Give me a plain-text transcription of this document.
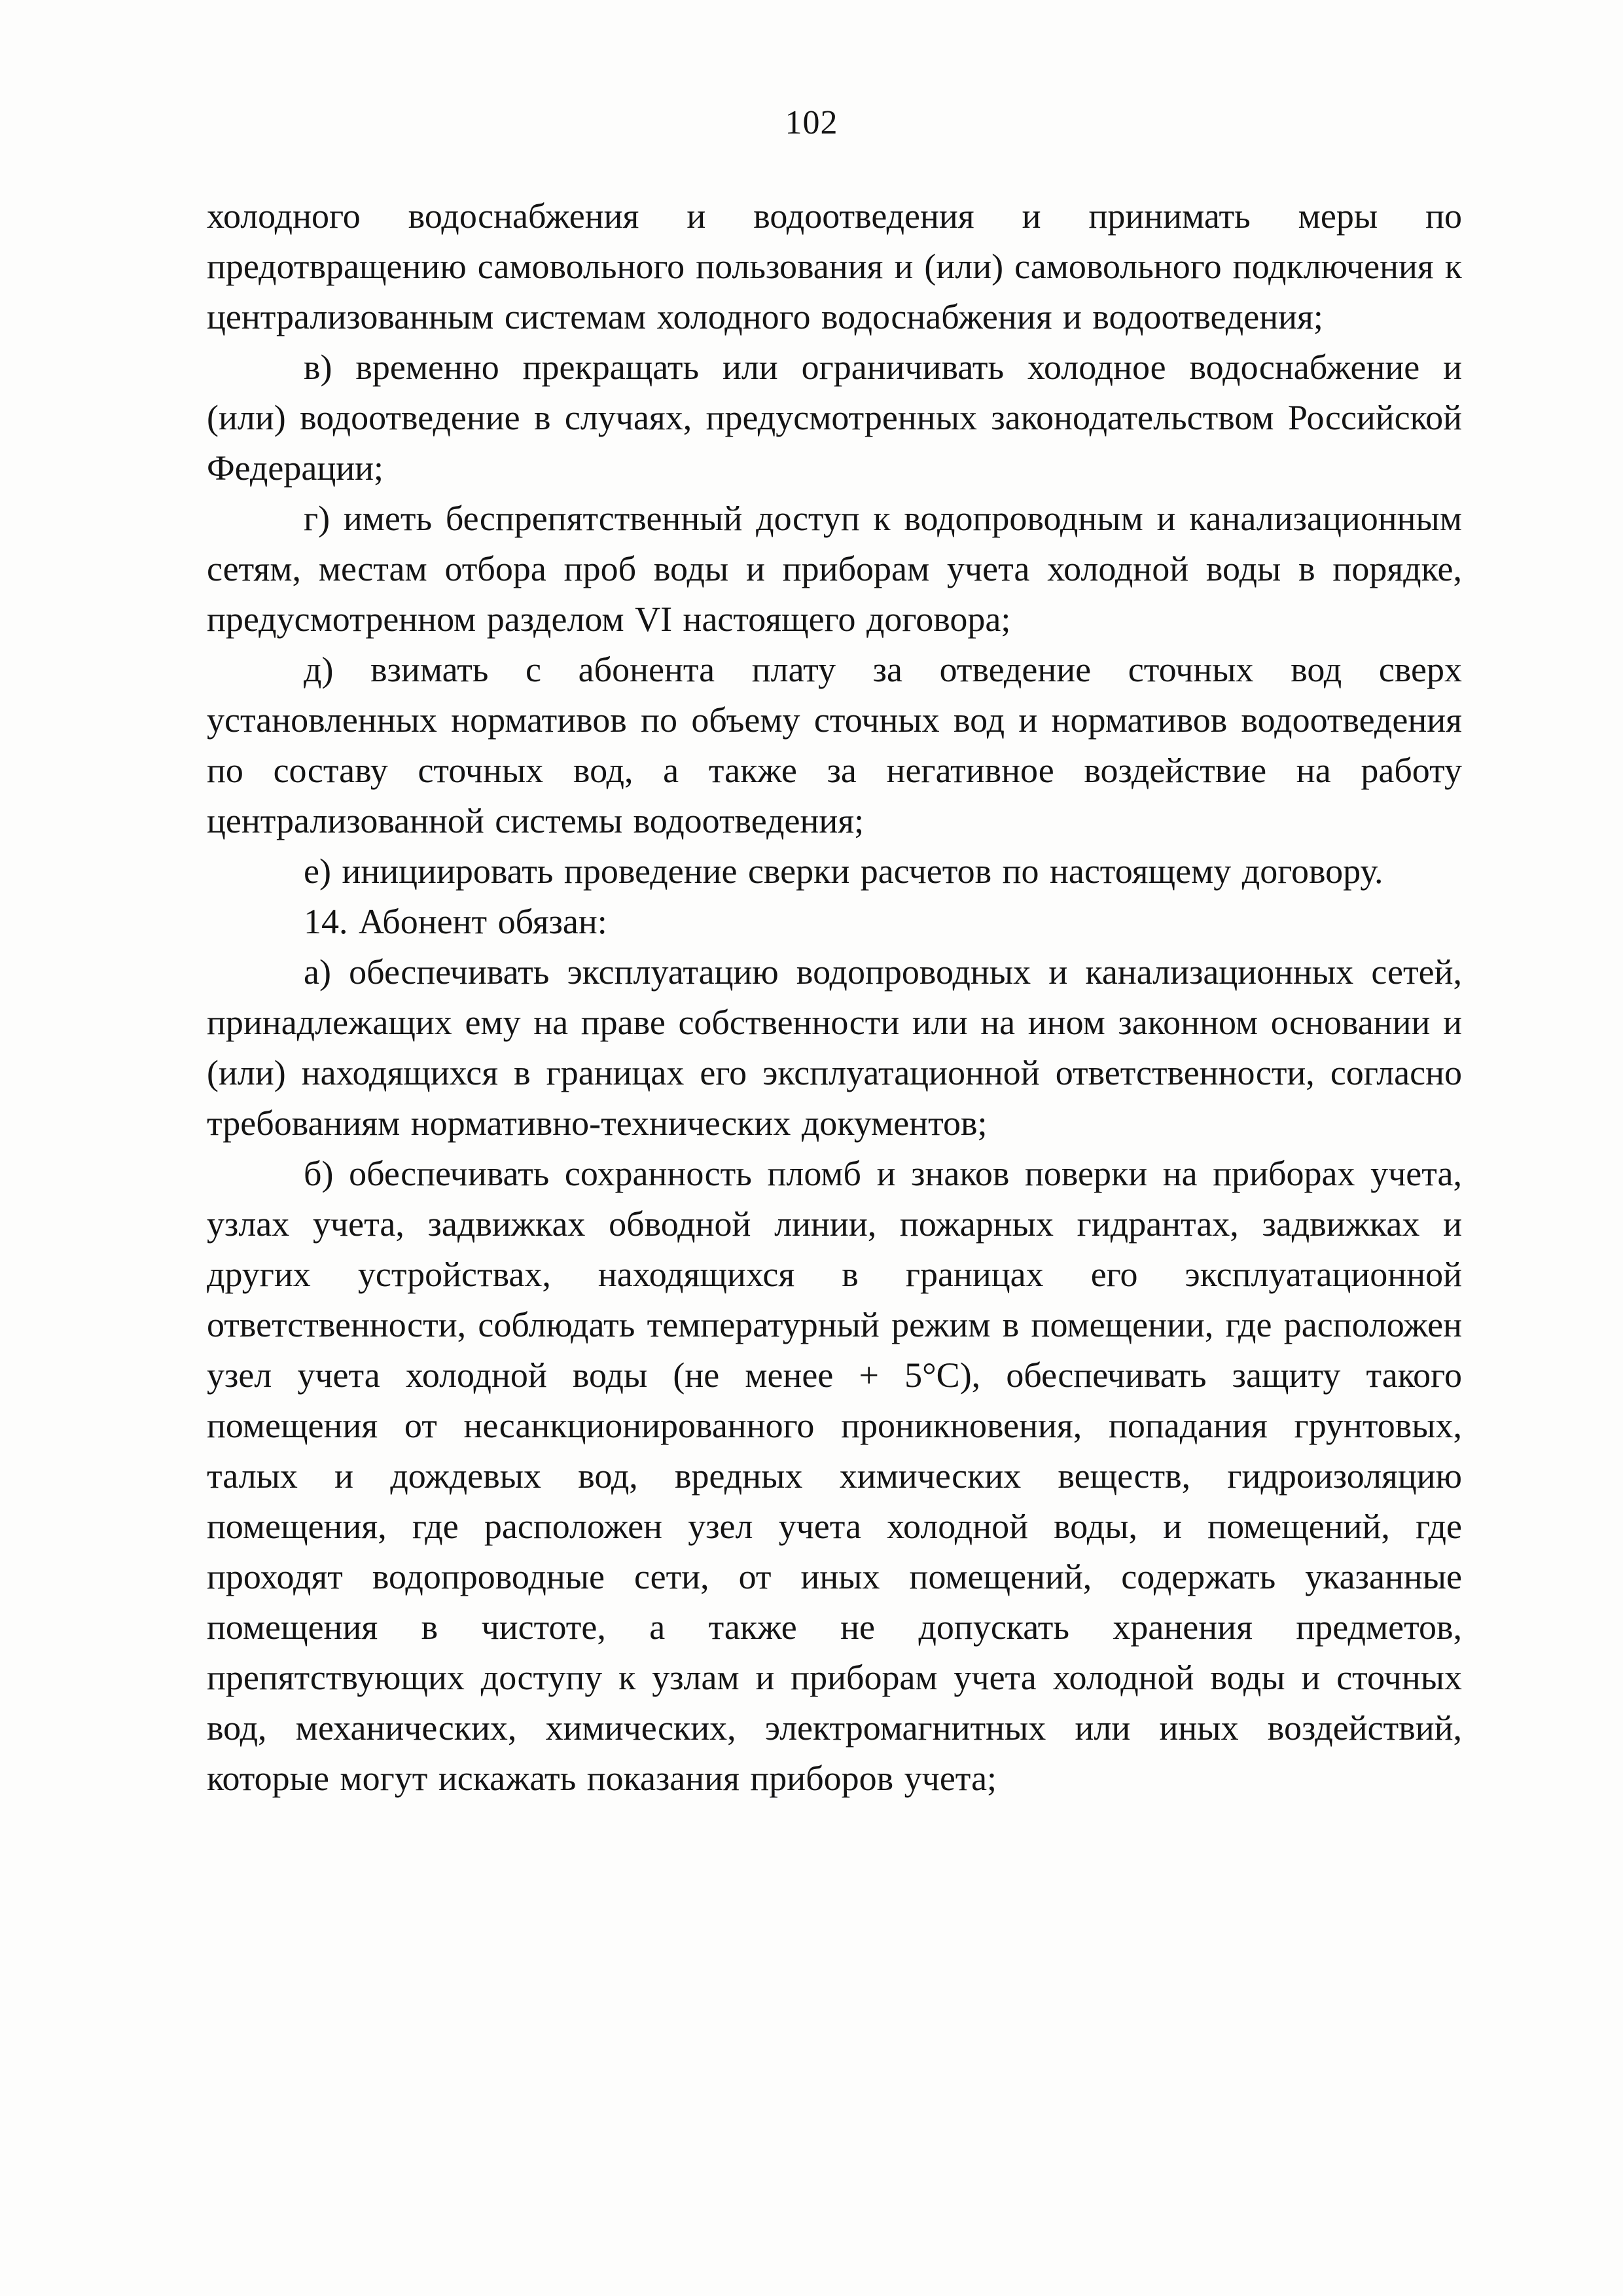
102

холодного водоснабжения и водоотведения и принимать меры по предотвращению самовольного пользования и (или) самовольного подключения к централизованным системам холодного водоснабжения и водоотведения;

в) временно прекращать или ограничивать холодное водоснабжение и (или) водоотведение в случаях, предусмотренных законодательством Российской Федерации;

г) иметь беспрепятственный доступ к водопроводным и канализационным сетям, местам отбора проб воды и приборам учета холодной воды в порядке, предусмотренном разделом VI настоящего договора;

д) взимать с абонента плату за отведение сточных вод сверх установленных нормативов по объему сточных вод и нормативов водоотведения по составу сточных вод, а также за негативное воздействие на работу централизованной системы водоотведения;

е) инициировать проведение сверки расчетов по настоящему договору.

14. Абонент обязан:

а) обеспечивать эксплуатацию водопроводных и канализационных сетей, принадлежащих ему на праве собственности или на ином законном основании и (или) находящихся в границах его эксплуатационной ответственности, согласно требованиям нормативно-технических документов;

б) обеспечивать сохранность пломб и знаков поверки на приборах учета, узлах учета, задвижках обводной линии, пожарных гидрантах, задвижках и других устройствах, находящихся в границах его эксплуатационной ответственности, соблюдать температурный режим в помещении, где расположен узел учета холодной воды (не менее + 5°С), обеспечивать защиту такого помещения от несанкционированного проникновения, попадания грунтовых, талых и дождевых вод, вредных химических веществ, гидроизоляцию помещения, где расположен узел учета холодной воды, и помещений, где проходят водопроводные сети, от иных помещений, содержать указанные помещения в чистоте, а также не допускать хранения предметов, препятствующих доступу к узлам и приборам учета холодной воды и сточных вод, механических, химических, электромагнитных или иных воздействий, которые могут искажать показания приборов учета;
